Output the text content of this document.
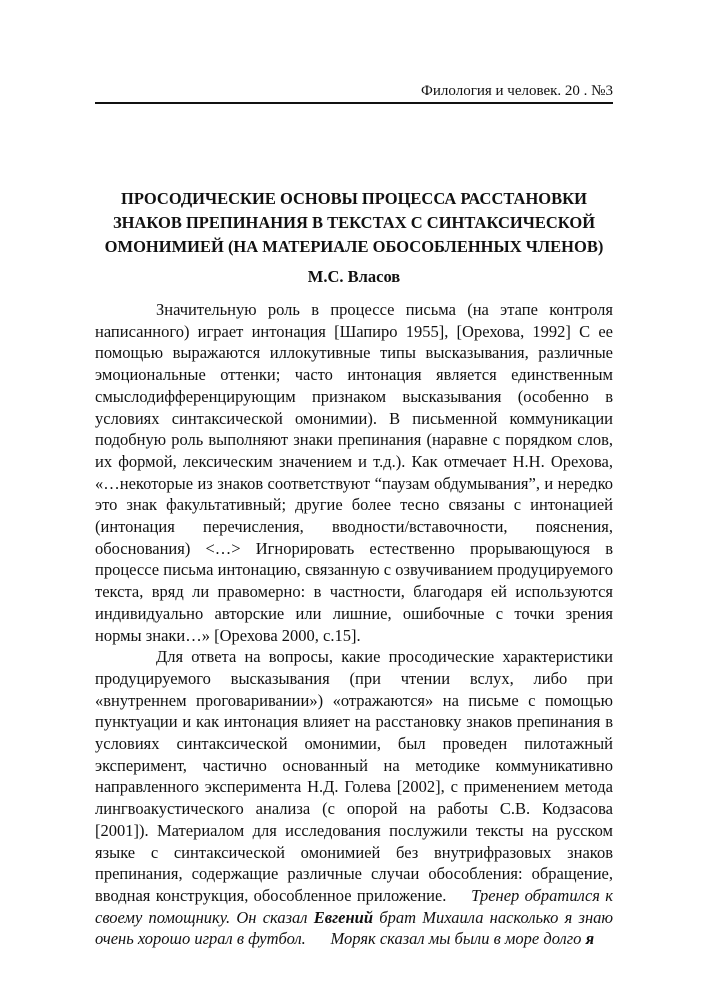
Филология и человек. 20 . №3
ПРОСОДИЧЕСКИЕ ОСНОВЫ ПРОЦЕССА РАССТАНОВКИ ЗНАКОВ ПРЕПИНАНИЯ В ТЕКСТАХ С СИНТАКСИЧЕСКОЙ ОМОНИМИЕЙ (НА МАТЕРИАЛЕ ОБОСОБЛЕННЫХ ЧЛЕНОВ)

М.С. Власов

Значительную роль в процессе письма (на этапе контроля написанного) играет интонация [Шапиро 1955], [Орехова, 1992] С ее помощью выражаются иллокутивные типы высказывания, различные эмоциональные оттенки; часто интонация является единственным смыслодифференцирующим признаком высказывания (особенно в условиях синтаксической омонимии). В письменной коммуникации подобную роль выполняют знаки препинания (наравне с порядком слов, их формой, лексическим значением и т.д.). Как отмечает Н.Н. Орехова, «…некоторые из знаков соответствуют “паузам обдумывания”, и нередко это знак факультативный; другие более тесно связаны с интонацией (интонация перечисления, вводности/вставочности, пояснения, обоснования) <…> Игнорировать естественно прорывающуюся в процессе письма интонацию, связанную с озвучиванием продуцируемого текста, вряд ли правомерно: в частности, благодаря ей используются индивидуально авторские или лишние, ошибочные с точки зрения нормы знаки…» [Орехова 2000, с.15].

Для ответа на вопросы, какие просодические характеристики продуцируемого высказывания (при чтении вслух, либо при «внутреннем проговаривании») «отражаются» на письме с помощью пунктуации и как интонация влияет на расстановку знаков препинания в условиях синтаксической омонимии, был проведен пилотажный эксперимент, частично основанный на методике коммуникативно направленного эксперимента Н.Д. Голева [2002], с применением метода лингвоакустического анализа (с опорой на работы С.В. Кодзасова [2001]). Материалом для исследования послужили тексты на русском языке с синтаксической омонимией без внутрифразовых знаков препинания, содержащие различные случаи обособления: обращение, вводная конструкция, обособленное приложение.   Тренер обратился к своему помощнику. Он сказал Евгений брат Михаила насколько я знаю очень хорошо играл в футбол.   Моряк сказал мы были в море долго я
